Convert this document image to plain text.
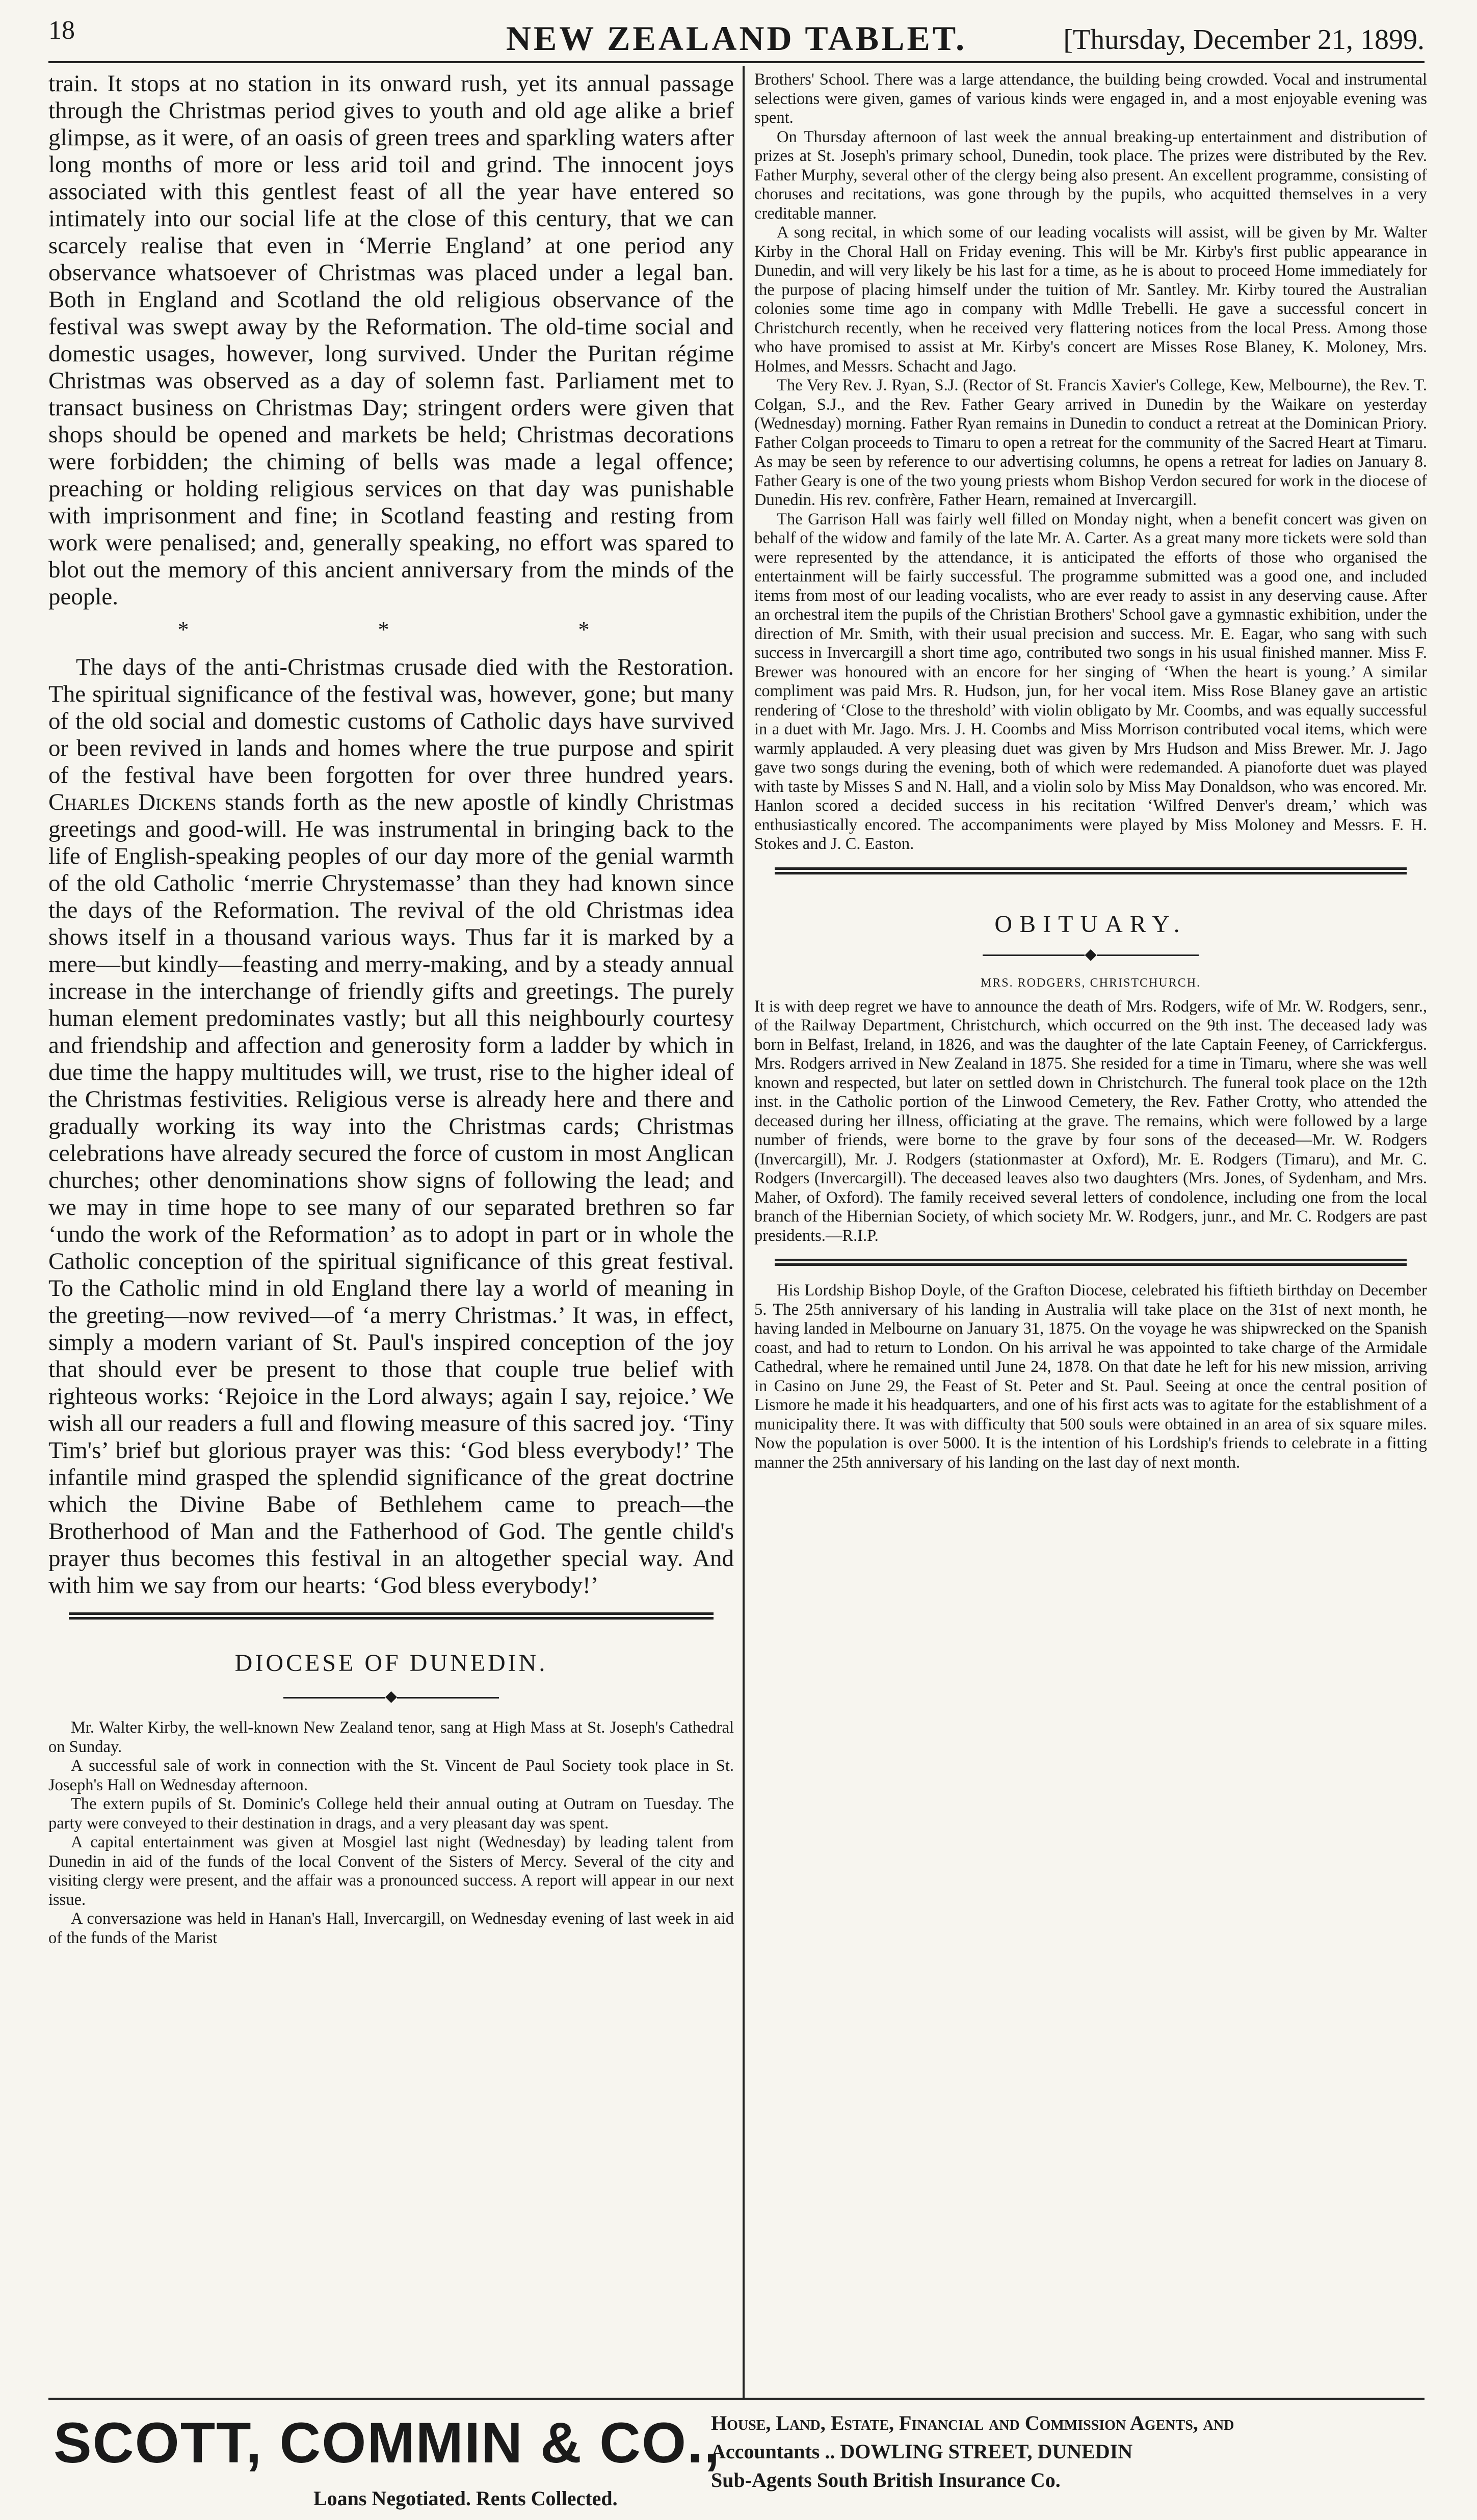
18	NEW ZEALAND TABLET.	[Thursday, December 21, 1899.

train. It stops at no station in its onward rush, yet its annual passage through the Christmas period gives to youth and old age alike a brief glimpse, as it were, of an oasis of green trees and sparkling waters after long months of more or less arid toil and grind. The innocent joys associated with this gentlest feast of all the year have entered so intimately into our social life at the close of this century, that we can scarcely realise that even in ‘Merrie England’ at one period any observance whatsoever of Christmas was placed under a legal ban. Both in England and Scotland the old religious observance of the festival was swept away by the Reformation. The old-time social and domestic usages, however, long survived. Under the Puritan régime Christmas was observed as a day of solemn fast. Parliament met to transact business on Christmas Day; stringent orders were given that shops should be opened and markets be held; Christmas decorations were forbidden; the chiming of bells was made a legal offence; preaching or holding religious services on that day was punishable with imprisonment and fine; in Scotland feasting and resting from work were penalised; and, generally speaking, no effort was spared to blot out the memory of this ancient anniversary from the minds of the people.

* * *

The days of the anti-Christmas crusade died with the Restoration. The spiritual significance of the festival was, however, gone; but many of the old social and domestic customs of Catholic days have survived or been revived in lands and homes where the true purpose and spirit of the festival have been forgotten for over three hundred years. Charles Dickens stands forth as the new apostle of kindly Christmas greetings and good-will. He was instrumental in bringing back to the life of English-speaking peoples of our day more of the genial warmth of the old Catholic ‘merrie Chrystemasse’ than they had known since the days of the Reformation. The revival of the old Christmas idea shows itself in a thousand various ways. Thus far it is marked by a mere—but kindly—feasting and merry-making, and by a steady annual increase in the interchange of friendly gifts and greetings. The purely human element predominates vastly; but all this neighbourly courtesy and friendship and affection and generosity form a ladder by which in due time the happy multitudes will, we trust, rise to the higher ideal of the Christmas festivities. Religious verse is already here and there and gradually working its way into the Christmas cards; Christmas celebrations have already secured the force of custom in most Anglican churches; other denominations show signs of following the lead; and we may in time hope to see many of our separated brethren so far ‘undo the work of the Reformation’ as to adopt in part or in whole the Catholic conception of the spiritual significance of this great festival. To the Catholic mind in old England there lay a world of meaning in the greeting—now revived—of ‘a merry Christmas.’ It was, in effect, simply a modern variant of St. Paul's inspired conception of the joy that should ever be present to those that couple true belief with righteous works: ‘Rejoice in the Lord always; again I say, rejoice.’ We wish all our readers a full and flowing measure of this sacred joy. ‘Tiny Tim's’ brief but glorious prayer was this: ‘God bless everybody!’ The infantile mind grasped the splendid significance of the great doctrine which the Divine Babe of Bethlehem came to preach—the Brotherhood of Man and the Fatherhood of God. The gentle child's prayer thus becomes this festival in an altogether special way. And with him we say from our hearts: ‘God bless everybody!’

DIOCESE OF DUNEDIN.
◆

Mr. Walter Kirby, the well-known New Zealand tenor, sang at High Mass at St. Joseph's Cathedral on Sunday.

A successful sale of work in connection with the St. Vincent de Paul Society took place in St. Joseph's Hall on Wednesday afternoon.

The extern pupils of St. Dominic's College held their annual outing at Outram on Tuesday. The party were conveyed to their destination in drags, and a very pleasant day was spent.

A capital entertainment was given at Mosgiel last night (Wednesday) by leading talent from Dunedin in aid of the funds of the local Convent of the Sisters of Mercy. Several of the city and visiting clergy were present, and the affair was a pronounced success. A report will appear in our next issue.

A conversazione was held in Hanan's Hall, Invercargill, on Wednesday evening of last week in aid of the funds of the Marist

Brothers' School. There was a large attendance, the building being crowded. Vocal and instrumental selections were given, games of various kinds were engaged in, and a most enjoyable evening was spent.

On Thursday afternoon of last week the annual breaking-up entertainment and distribution of prizes at St. Joseph's primary school, Dunedin, took place. The prizes were distributed by the Rev. Father Murphy, several other of the clergy being also present. An excellent programme, consisting of choruses and recitations, was gone through by the pupils, who acquitted themselves in a very creditable manner.

A song recital, in which some of our leading vocalists will assist, will be given by Mr. Walter Kirby in the Choral Hall on Friday evening. This will be Mr. Kirby's first public appearance in Dunedin, and will very likely be his last for a time, as he is about to proceed Home immediately for the purpose of placing himself under the tuition of Mr. Santley. Mr. Kirby toured the Australian colonies some time ago in company with Mdlle Trebelli. He gave a successful concert in Christchurch recently, when he received very flattering notices from the local Press. Among those who have promised to assist at Mr. Kirby's concert are Misses Rose Blaney, K. Moloney, Mrs. Holmes, and Messrs. Schacht and Jago.

The Very Rev. J. Ryan, S.J. (Rector of St. Francis Xavier's College, Kew, Melbourne), the Rev. T. Colgan, S.J., and the Rev. Father Geary arrived in Dunedin by the Waikare on yesterday (Wednesday) morning. Father Ryan remains in Dunedin to conduct a retreat at the Dominican Priory. Father Colgan proceeds to Timaru to open a retreat for the community of the Sacred Heart at Timaru. As may be seen by reference to our advertising columns, he opens a retreat for ladies on January 8. Father Geary is one of the two young priests whom Bishop Verdon secured for work in the diocese of Dunedin. His rev. confrère, Father Hearn, remained at Invercargill.

The Garrison Hall was fairly well filled on Monday night, when a benefit concert was given on behalf of the widow and family of the late Mr. A. Carter. As a great many more tickets were sold than were represented by the attendance, it is anticipated the efforts of those who organised the entertainment will be fairly successful. The programme submitted was a good one, and included items from most of our leading vocalists, who are ever ready to assist in any deserving cause. After an orchestral item the pupils of the Christian Brothers' School gave a gymnastic exhibition, under the direction of Mr. Smith, with their usual precision and success. Mr. E. Eagar, who sang with such success in Invercargill a short time ago, contributed two songs in his usual finished manner. Miss F. Brewer was honoured with an encore for her singing of ‘When the heart is young.’ A similar compliment was paid Mrs. R. Hudson, jun, for her vocal item. Miss Rose Blaney gave an artistic rendering of ‘Close to the threshold’ with violin obligato by Mr. Coombs, and was equally successful in a duet with Mr. Jago. Mrs. J. H. Coombs and Miss Morrison contributed vocal items, which were warmly applauded. A very pleasing duet was given by Mrs Hudson and Miss Brewer. Mr. J. Jago gave two songs during the evening, both of which were redemanded. A pianoforte duet was played with taste by Misses S and N. Hall, and a violin solo by Miss May Donaldson, who was encored. Mr. Hanlon scored a decided success in his recitation ‘Wilfred Denver's dream,’ which was enthusiastically encored. The accompaniments were played by Miss Moloney and Messrs. F. H. Stokes and J. C. Easton.

OBITUARY.
◆
MRS. RODGERS, CHRISTCHURCH.

It is with deep regret we have to announce the death of Mrs. Rodgers, wife of Mr. W. Rodgers, senr., of the Railway Department, Christchurch, which occurred on the 9th inst. The deceased lady was born in Belfast, Ireland, in 1826, and was the daughter of the late Captain Feeney, of Carrickfergus. Mrs. Rodgers arrived in New Zealand in 1875. She resided for a time in Timaru, where she was well known and respected, but later on settled down in Christchurch. The funeral took place on the 12th inst. in the Catholic portion of the Linwood Cemetery, the Rev. Father Crotty, who attended the deceased during her illness, officiating at the grave. The remains, which were followed by a large number of friends, were borne to the grave by four sons of the deceased—Mr. W. Rodgers (Invercargill), Mr. J. Rodgers (stationmaster at Oxford), Mr. E. Rodgers (Timaru), and Mr. C. Rodgers (Invercargill). The deceased leaves also two daughters (Mrs. Jones, of Sydenham, and Mrs. Maher, of Oxford). The family received several letters of condolence, including one from the local branch of the Hibernian Society, of which society Mr. W. Rodgers, junr., and Mr. C. Rodgers are past presidents.—R.I.P.

His Lordship Bishop Doyle, of the Grafton Diocese, celebrated his fiftieth birthday on December 5. The 25th anniversary of his landing in Australia will take place on the 31st of next month, he having landed in Melbourne on January 31, 1875. On the voyage he was shipwrecked on the Spanish coast, and had to return to London. On his arrival he was appointed to take charge of the Armidale Cathedral, where he remained until June 24, 1878. On that date he left for his new mission, arriving in Casino on June 29, the Feast of St. Peter and St. Paul. Seeing at once the central position of Lismore he made it his headquarters, and one of his first acts was to agitate for the establishment of a municipality there. It was with difficulty that 500 souls were obtained in an area of six square miles. Now the population is over 5000. It is the intention of his Lordship's friends to celebrate in a fitting manner the 25th anniversary of his landing on the last day of next month.

SCOTT, COMMIN & CO.,
Loans Negotiated. Rents Collected.
House, Land, Estate, Financial and Commission Agents, and
Accountants .. DOWLING STREET, DUNEDIN
Sub-Agents South British Insurance Co.
